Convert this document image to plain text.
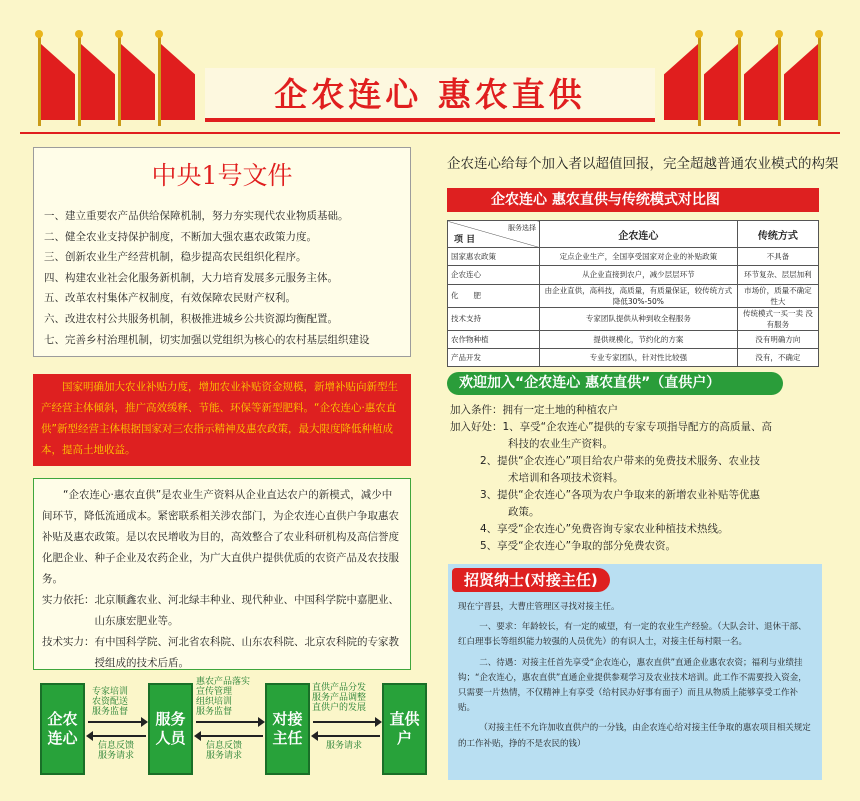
企农连心 惠农直供
中央1号文件
一、建立重要农产品供给保障机制，努力夯实现代农业物质基础。
二、健全农业支持保护制度，不断加大强农惠农政策力度。
三、创新农业生产经营机制，稳步提高农民组织化程序。
四、构建农业社会化服务新机制，大力培育发展多元服务主体。
五、改革农村集体产权制度，有效保障农民财产权利。
六、改进农村公共服务机制，积极推进城乡公共资源均衡配置。
七、完善乡村治理机制，切实加强以党组织为核心的农村基层组织建设
国家明确加大农业补贴力度，增加农业补贴资金规模，新增补贴向新型生产经营主体倾斜，推广高效缓释、节能、环保等新型肥料。“企农连心·惠农直供”新型经营主体根据国家对三农指示精神及惠农政策，最大限度降低种植成本，提高土地收益。
“企农连心·惠农直供”是农业生产资料从企业直达农户的新模式，减少中间环节，降低流通成本。紧密联系相关涉农部门，为企农连心直供户争取惠农补贴及惠农政策。是以农民增收为目的，高效整合了农业科研机构及高信誉度化肥企业、种子企业及农药企业，为广大直供户提供优质的农资产品及农技服务。
实力依托： 北京顺鑫农业、河北绿丰种业、现代种业、中国科学院中嘉肥业、山东康宏肥业等。
技术实力： 有中国科学院、河北省农科院、山东农科院、北京农科院的专家教授组成的技术后盾。
企农连心
服务人员
对接主任
直供户
专家培训
农资配送
服务监督
信息反馈
服务请求
惠农产品落实
宣传管理
组织培训
服务监督
信息反馈
服务请求
直供产品分发
服务产品调整
直供户的发展
服务请求
企农连心给每个加入者以超值回报，完全超越普通农业模式的构架
企农连心 惠农直供与传统模式对比图
服务选择
项 目	企农连心	传统方式
国家惠农政策	定点企业生产，全国享受国家对企业的补贴政策	不具备
企农连心	从企业直接到农户，减少层层环节	环节复杂、层层加利
化　　肥	由企业直供，高科技，高质量，有质量保证，较传统方式降低30%-50%	市场价，质量不确定性大
技术支持	专家团队提供从种到收全程服务	传统模式一买一卖 没有服务
农作物种植	提供规模化，节约化的方案	没有明确方向
产品开发	专业专家团队，针对性比较强	没有，不确定
欢迎加入“企农连心 惠农直供”（直供户）
加入条件：拥有一定土地的种植农户
加入好处：1、享受“企农连心”提供的专家专项指导配方的高质量、高
科技的农业生产资料。
2、提供“企农连心”项目给农户带来的免费技术服务、农业技
术培训和各项技术资料。
3、提供“企农连心”各项为农户争取来的新增农业补贴等优惠
政策。
4、享受“企农连心”免费咨询专家农业种植技术热线。
5、享受“企农连心”争取的部分免费农资。
招贤纳士(对接主任)

现在宁晋县，大曹庄管理区寻找对接主任。

一、要求：年龄较长，有一定的威望，有一定的农业生产经验。（大队会计、退休干部、红白理事长等组织能力较强的人员优先）的有识人士，对接主任每村限一名。

二、待遇：对接主任首先享受“企农连心，惠农直供”直通企业惠农农资；福利与业绩挂钩；“企农连心，惠农直供”直通企业提供参观学习及农业技术培训。此工作不需要投入资金，只需要一片热情，不仅精神上有享受（给村民办好事有面子）而且从物质上能够享受工作补贴。

（对接主任不允许加收直供户的一分钱，由企农连心给对接主任争取的惠农项目相关规定的工作补贴，挣的不是农民的钱）
